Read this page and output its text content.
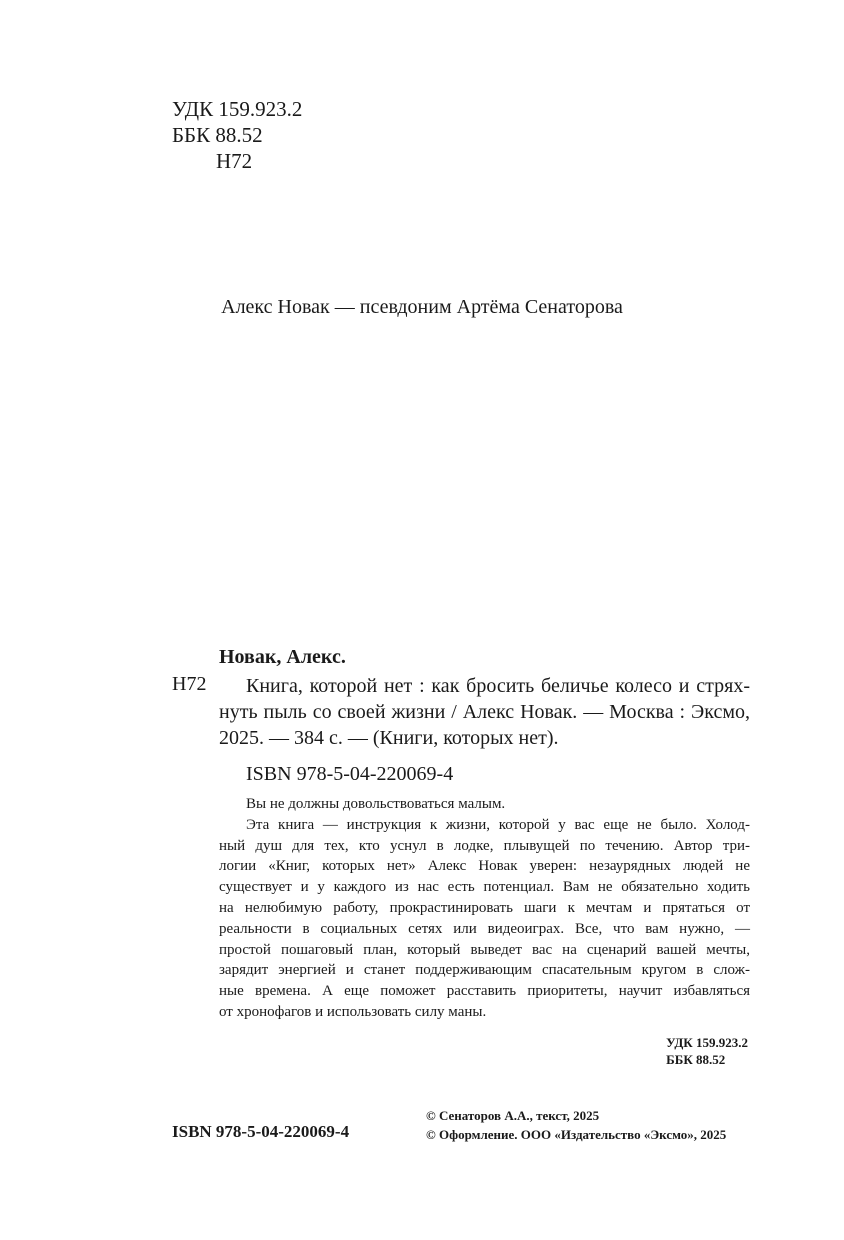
УДК 159.923.2
ББК 88.52
Н72
Алекс Новак — псевдоним Артёма Сенаторова
Новак, Алекс.
Н72	Книга, которой нет : как бросить беличье колесо и стрях-
нуть пыль со своей жизни / Алекс Новак. — Москва : Эксмо,
2025. — 384 с. — (Книги, которых нет).
ISBN 978-5-04-220069-4
Вы не должны довольствоваться малым.
Эта книга — инструкция к жизни, которой у вас еще не было. Холод-
ный душ для тех, кто уснул в лодке, плывущей по течению. Автор три-
логии «Книг, которых нет» Алекс Новак уверен: незаурядных людей не
существует и у каждого из нас есть потенциал. Вам не обязательно ходить
на нелюбимую работу, прокрастинировать шаги к мечтам и прятаться от
реальности в социальных сетях или видеоиграх. Все, что вам нужно, —
простой пошаговый план, который выведет вас на сценарий вашей мечты,
зарядит энергией и станет поддерживающим спасательным кругом в слож-
ные времена. А еще поможет расставить приоритеты, научит избавляться
от хронофагов и использовать силу маны.
УДК 159.923.2
ББК 88.52
ISBN 978-5-04-220069-4
© Сенаторов А.А., текст, 2025
© Оформление. ООО «Издательство «Эксмо», 2025
